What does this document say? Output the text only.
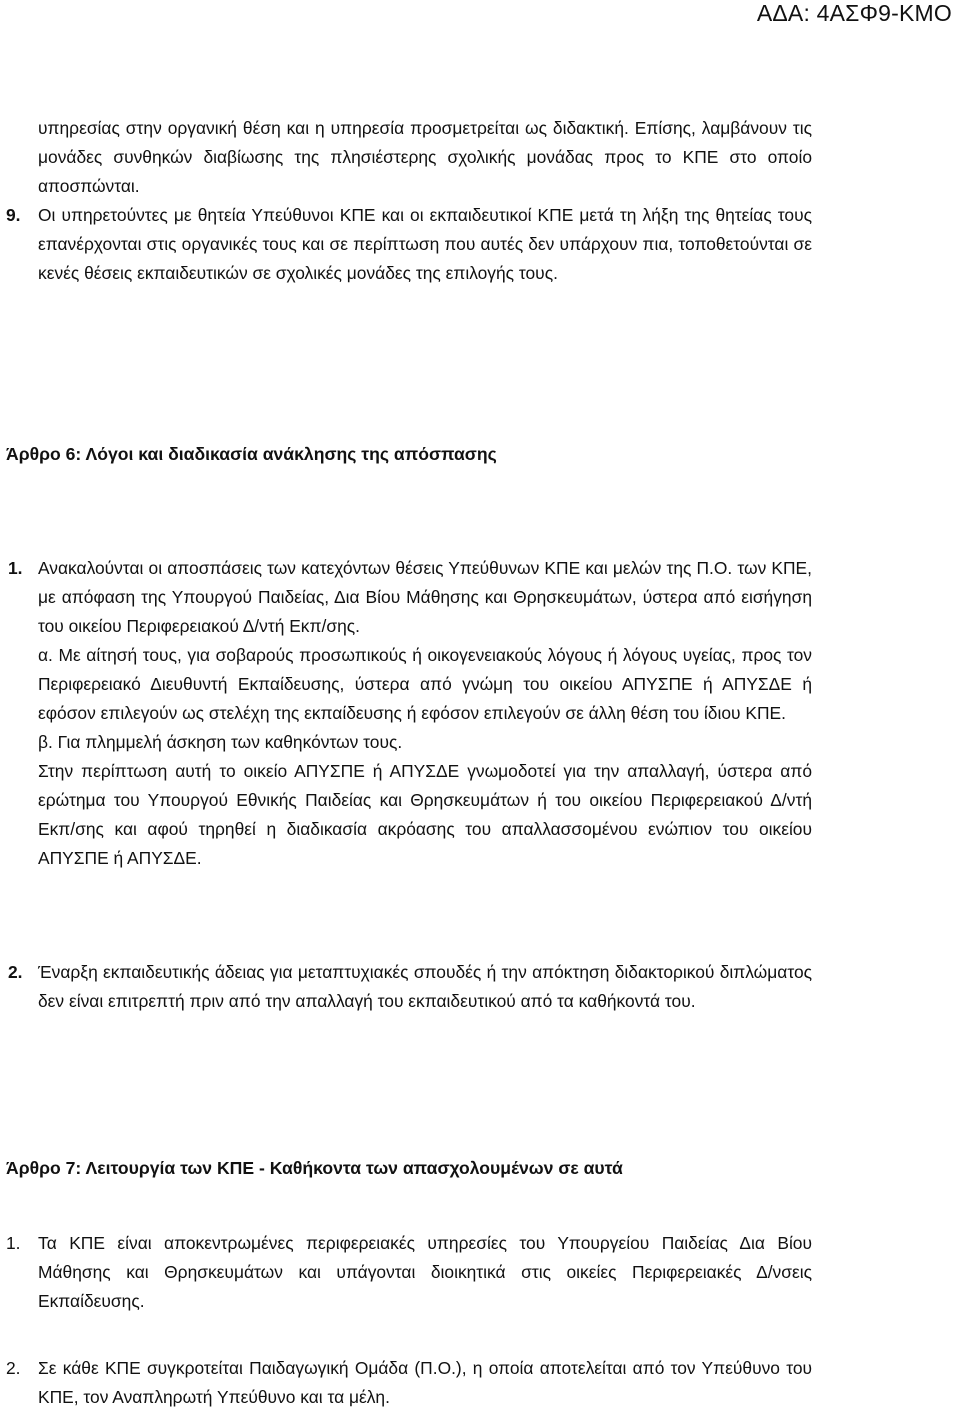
ΑΔΑ: 4ΑΣΦ9-ΚΜΟ

υπηρεσίας στην οργανική θέση και η υπηρεσία προσμετρείται ως διδακτική. Επίσης, λαμβάνουν τις μονάδες συνθηκών διαβίωσης της πλησιέστερης σχολικής μονάδας προς το ΚΠΕ στο οποίο αποσπώνται.

9. Οι υπηρετούντες με θητεία Υπεύθυνοι ΚΠΕ και οι εκπαιδευτικοί ΚΠΕ μετά τη λήξη της θητείας τους επανέρχονται στις οργανικές τους και σε περίπτωση που αυτές δεν υπάρχουν πια, τοποθετούνται σε κενές θέσεις εκπαιδευτικών σε σχολικές μονάδες της επιλογής τους.

Άρθρο 6: Λόγοι και διαδικασία ανάκλησης της απόσπασης
1. Ανακαλούνται οι αποσπάσεις των κατεχόντων θέσεις Υπεύθυνων ΚΠΕ και μελών της Π.Ο. των ΚΠΕ, με απόφαση της Υπουργού Παιδείας, Δια Βίου Μάθησης και Θρησκευμάτων, ύστερα από εισήγηση του οικείου Περιφερειακού Δ/ντή Εκπ/σης.

α. Με αίτησή τους, για σοβαρούς προσωπικούς ή οικογενειακούς λόγους ή λόγους υγείας, προς τον Περιφερειακό Διευθυντή Εκπαίδευσης, ύστερα από γνώμη του οικείου ΑΠΥΣΠΕ ή ΑΠΥΣΔΕ ή εφόσον επιλεγούν ως στελέχη της εκπαίδευσης ή εφόσον επιλεγούν σε άλλη θέση του ίδιου ΚΠΕ.

β. Για πλημμελή άσκηση των καθηκόντων τους.

Στην περίπτωση αυτή το οικείο ΑΠΥΣΠΕ ή ΑΠΥΣΔΕ γνωμοδοτεί για την απαλλαγή, ύστερα από ερώτημα του Υπουργού Εθνικής Παιδείας και Θρησκευμάτων ή του οικείου Περιφερειακού Δ/ντή Εκπ/σης και αφού τηρηθεί η διαδικασία ακρόασης του απαλλασσομένου ενώπιον του οικείου ΑΠΥΣΠΕ ή ΑΠΥΣΔΕ.

2. Έναρξη εκπαιδευτικής άδειας για μεταπτυχιακές σπουδές ή την απόκτηση διδακτορικού διπλώματος δεν είναι επιτρεπτή πριν από την απαλλαγή του εκπαιδευτικού από τα καθήκοντά του.

Άρθρο 7: Λειτουργία των ΚΠΕ - Καθήκοντα των απασχολουμένων σε αυτά
1. Τα ΚΠΕ είναι αποκεντρωμένες περιφερειακές υπηρεσίες του Υπουργείου Παιδείας Δια Βίου Μάθησης και Θρησκευμάτων και υπάγονται διοικητικά στις οικείες Περιφερειακές Δ/νσεις Εκπαίδευσης.

2. Σε κάθε ΚΠΕ συγκροτείται Παιδαγωγική Ομάδα (Π.Ο.), η οποία αποτελείται από τον Υπεύθυνο του ΚΠΕ, τον Αναπληρωτή Υπεύθυνο και τα μέλη.
